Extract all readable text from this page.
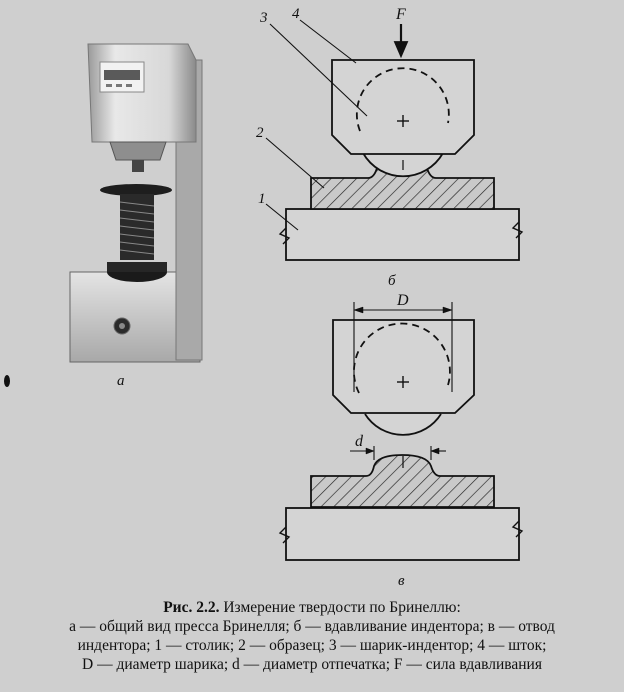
а
б
в
3 4
2
1
F
D
d
Рис. 2.2. Измерение твердости по Бринеллю:
а — общий вид пресса Бринелля; б — вдавливание индентора; в — отвод
индентора; 1 — столик; 2 — образец; 3 — шарик-индентор; 4 — шток;
D — диаметр шарика; d — диаметр отпечатка; F — сила вдавливания
